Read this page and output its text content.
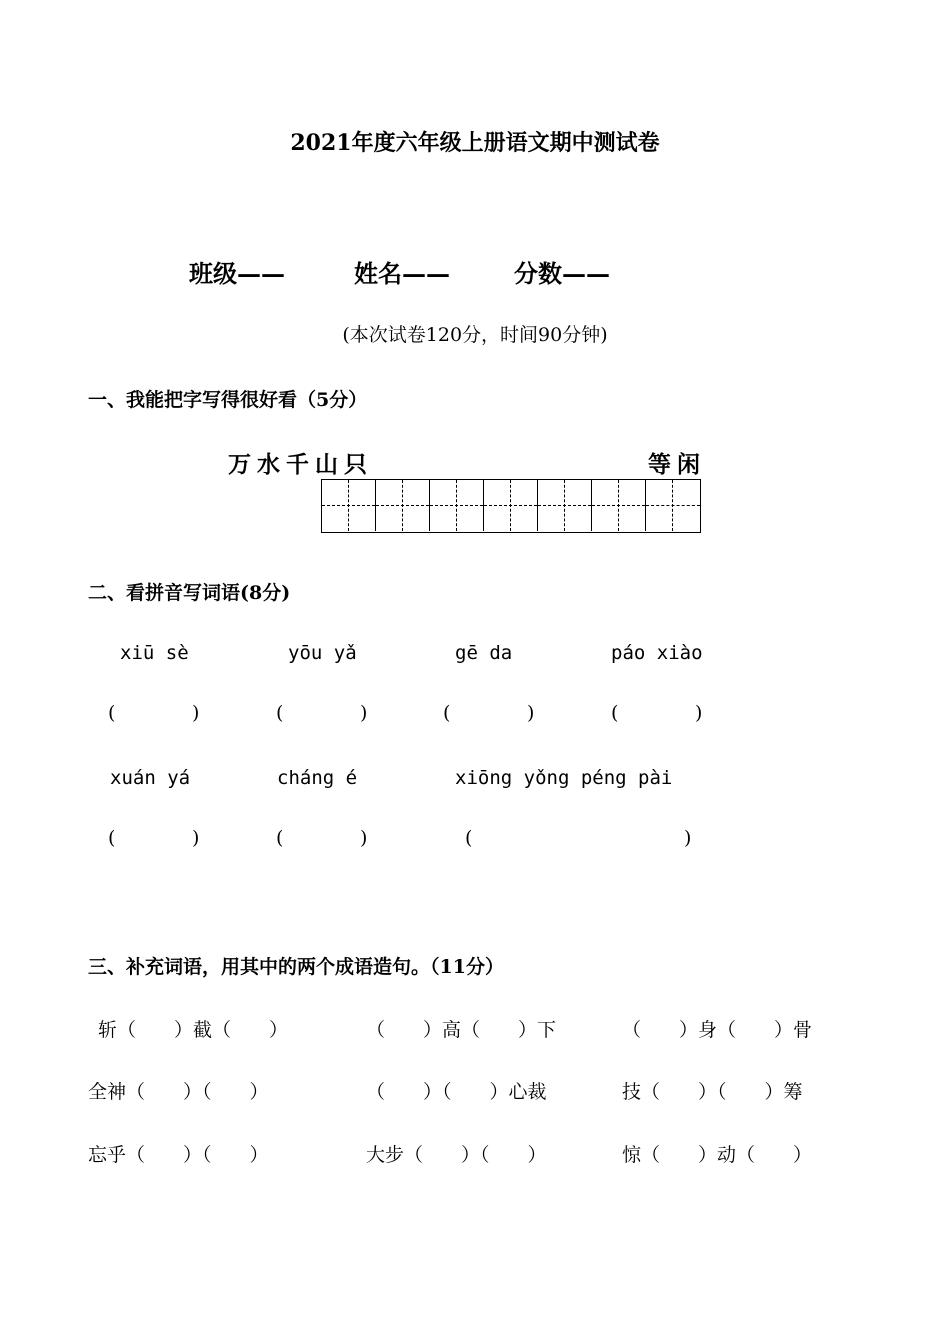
2021年度六年级上册语文期中测试卷
班级——	姓名——	分数——
(本次试卷120分，时间90分钟)
一、我能把字写得很好看（5分）
万水千山只	等闲
二、看拼音写词语(8分)
xiū sè	yōu yǎ	gē da	páo xiào
(	)	(	)	(	)	(	)
xuán yá	cháng é	xiōng yǒng péng pài
(	)	(	)	(	)
三、补充词语，用其中的两个成语造句。（11分）
斩（　　）截（　　）	（　　）高（　　）下	（　　）身（　　）骨
全神（　　）（　　）	（　　）（　　）心裁	技（　　）（　　）筹
忘乎（　　）（　　）	大步（　　）（　　）	惊（　　）动（　　）
